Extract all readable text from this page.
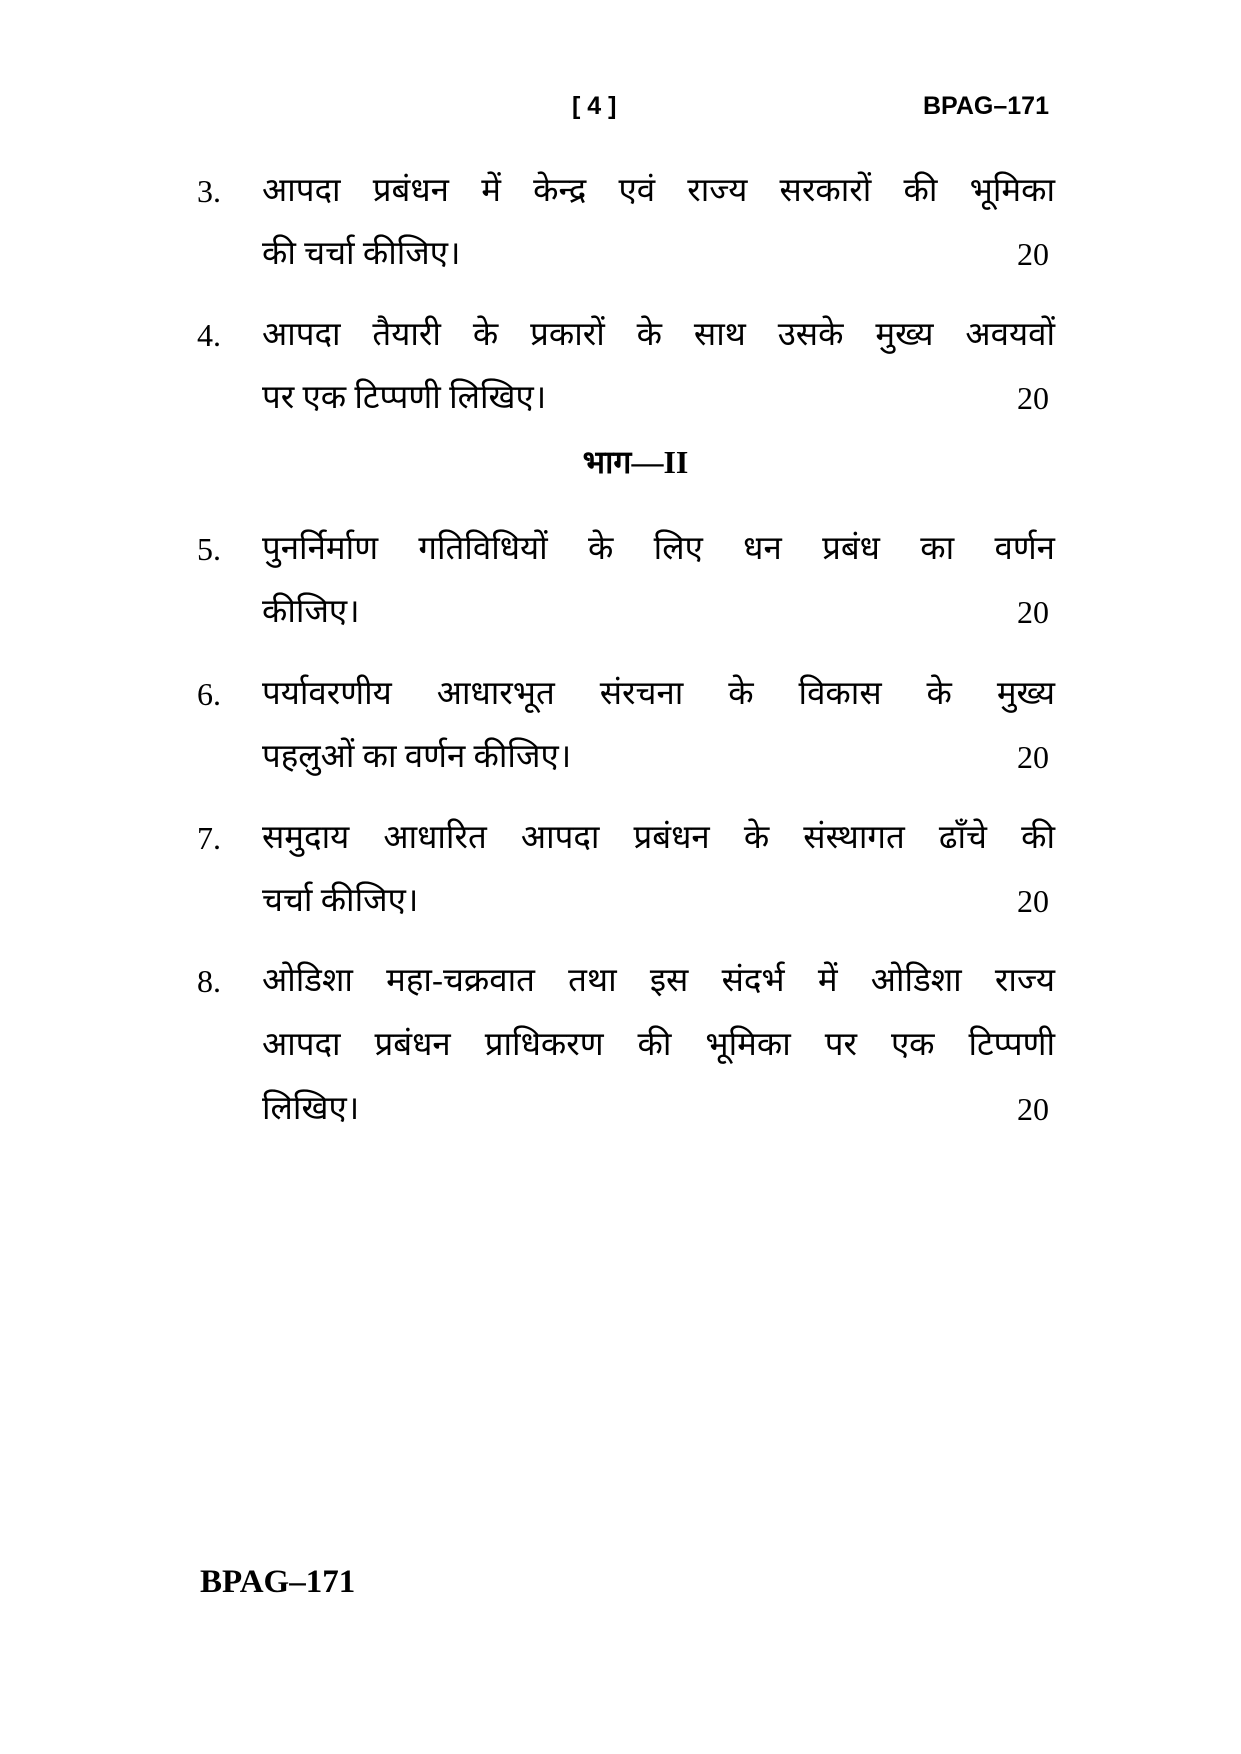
[ 4 ]	BPAG–171
3. आपदा प्रबंधन में केन्द्र एवं राज्य सरकारों की भूमिका
की चर्चा कीजिए।	20
4. आपदा तैयारी के प्रकारों के साथ उसके मुख्य अवयवों
पर एक टिप्पणी लिखिए।	20
भाग—II
5. पुनर्निर्माण गतिविधियों के लिए धन प्रबंध का वर्णन
कीजिए।	20
6. पर्यावरणीय आधारभूत संरचना के विकास के मुख्य
पहलुओं का वर्णन कीजिए।	20
7. समुदाय आधारित आपदा प्रबंधन के संस्थागत ढाँचे की
चर्चा कीजिए।	20
8. ओडिशा महा-चक्रवात तथा इस संदर्भ में ओडिशा राज्य
आपदा प्रबंधन प्राधिकरण की भूमिका पर एक टिप्पणी
लिखिए।	20
BPAG–171
